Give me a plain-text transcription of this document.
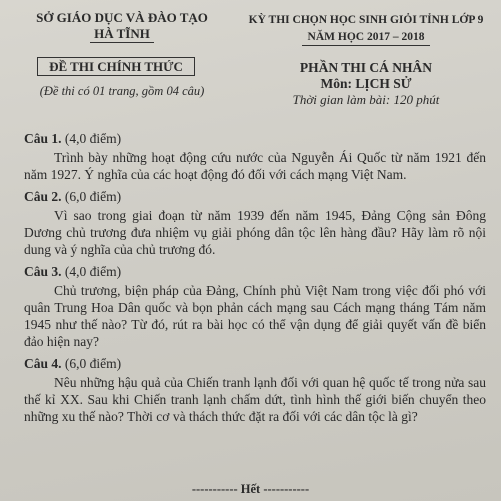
SỞ GIÁO DỤC VÀ ĐÀO TẠO
HÀ TĨNH
ĐỀ THI CHÍNH THỨC
(Đề thi có 01 trang, gồm 04 câu)
KỲ THI CHỌN HỌC SINH GIỎI TỈNH LỚP 9
NĂM HỌC 2017 – 2018
PHẦN THI CÁ NHÂN
Môn: LỊCH SỬ
Thời gian làm bài: 120 phút
Câu 1. (4,0 điểm)
Trình bày những hoạt động cứu nước của Nguyễn Ái Quốc từ năm 1921 đến năm 1927. Ý nghĩa của các hoạt động đó đối với cách mạng Việt Nam.
Câu 2. (6,0 điểm)
Vì sao trong giai đoạn từ năm 1939 đến năm 1945, Đảng Cộng sản Đông Dương chủ trương đưa nhiệm vụ giải phóng dân tộc lên hàng đầu? Hãy làm rõ nội dung và ý nghĩa của chủ trương đó.
Câu 3. (4,0 điểm)
Chủ trương, biện pháp của Đảng, Chính phủ Việt Nam trong việc đối phó với quân Trung Hoa Dân quốc và bọn phản cách mạng sau Cách mạng tháng Tám năm 1945 như thế nào? Từ đó, rút ra bài học có thể vận dụng để giải quyết vấn đề biển đảo hiện nay?
Câu 4. (6,0 điểm)
Nêu những hậu quả của Chiến tranh lạnh đối với quan hệ quốc tế trong nửa sau thế kỉ XX. Sau khi Chiến tranh lạnh chấm dứt, tình hình thế giới biến chuyển theo những xu thế nào? Thời cơ và thách thức đặt ra đối với các dân tộc là gì?
----------- Hết -----------
